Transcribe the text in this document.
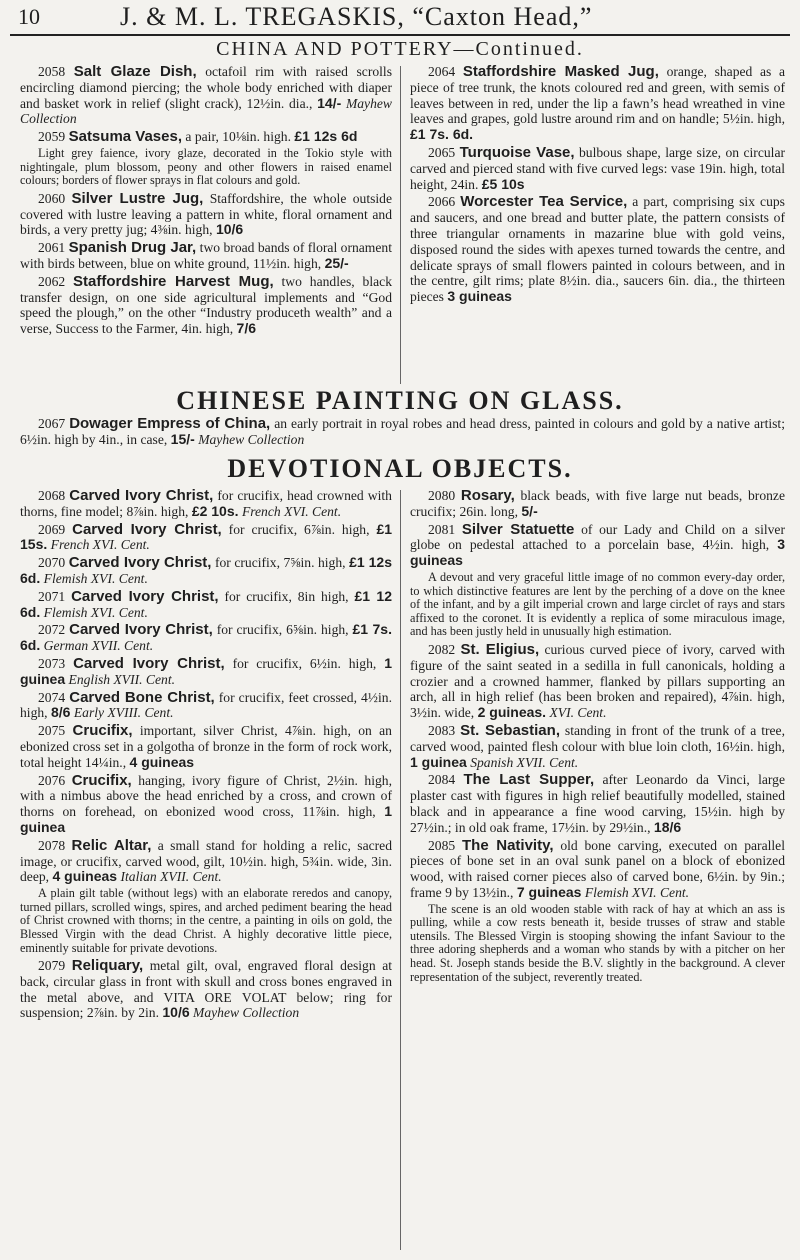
10	J. & M. L. TREGASKIS, “Caxton Head,”
CHINA AND POTTERY—Continued.

2058 Salt Glaze Dish, octafoil rim with raised scrolls encircling diamond piercing; the whole body enriched with diaper and basket work in relief (slight crack), 12½in. dia., 14/- Mayhew Collection

2059 Satsuma Vases, a pair, 10⅛in. high. £1 12s 6d

Light grey faience, ivory glaze, decorated in the Tokio style with nightingale, plum blossom, peony and other flowers in raised enamel colours; borders of flower sprays in flat colours and gold.

2060 Silver Lustre Jug, Staffordshire, the whole outside covered with lustre leaving a pattern in white, floral ornament and birds, a very pretty jug; 4⅜in. high, 10/6

2061 Spanish Drug Jar, two broad bands of floral ornament with birds between, blue on white ground, 11½in. high, 25/-

2062 Staffordshire Harvest Mug, two handles, black transfer design, on one side agricultural implements and “God speed the plough,” on the other “Industry produceth wealth” and a verse, Success to the Farmer, 4in. high, 7/6

2064 Staffordshire Masked Jug, orange, shaped as a piece of tree trunk, the knots coloured red and green, with semis of leaves between in red, under the lip a fawn’s head wreathed in vine leaves and grapes, gold lustre around rim and on handle; 5½in. high, £1 7s. 6d.

2065 Turquoise Vase, bulbous shape, large size, on circular carved and pierced stand with five curved legs: vase 19in. high, total height, 24in. £5 10s

2066 Worcester Tea Service, a part, comprising six cups and saucers, and one bread and butter plate, the pattern consists of three triangular ornaments in mazarine blue with gold veins, disposed round the sides with apexes turned towards the centre, and delicate sprays of small flowers painted in colours between, and in the centre, gilt rims; plate 8½in. dia., saucers 6in. dia., the thirteen pieces 3 guineas

CHINESE PAINTING ON GLASS.

2067 Dowager Empress of China, an early portrait in royal robes and head dress, painted in colours and gold by a native artist; 6½in. high by 4in., in case, 15/- Mayhew Collection

DEVOTIONAL OBJECTS.

2068 Carved Ivory Christ, for crucifix, head crowned with thorns, fine model; 8⅞in. high, £2 10s. French XVI. Cent.

2069 Carved Ivory Christ, for crucifix, 6⅞in. high, £1 15s. French XVI. Cent.

2070 Carved Ivory Christ, for crucifix, 7⅝in. high, £1 12s 6d. Flemish XVI. Cent.

2071 Carved Ivory Christ, for crucifix, 8in high, £1 12 6d. Flemish XVI. Cent.

2072 Carved Ivory Christ, for crucifix, 6⅝in. high, £1 7s. 6d. German XVII. Cent.

2073 Carved Ivory Christ, for crucifix, 6½in. high, 1 guinea English XVII. Cent.

2074 Carved Bone Christ, for crucifix, feet crossed, 4½in. high, 8/6 Early XVIII. Cent.

2075 Crucifix, important, silver Christ, 4⅞in. high, on an ebonized cross set in a golgotha of bronze in the form of rock work, total height 14¼in., 4 guineas

2076 Crucifix, hanging, ivory figure of Christ, 2½in. high, with a nimbus above the head enriched by a cross, and crown of thorns on forehead, on ebonized wood cross, 11⅞in. high, 1 guinea

2078 Relic Altar, a small stand for holding a relic, sacred image, or crucifix, carved wood, gilt, 10½in. high, 5¾in. wide, 3in. deep, 4 guineas Italian XVII. Cent.

A plain gilt table (without legs) with an elaborate reredos and canopy, turned pillars, scrolled wings, spires, and arched pediment bearing the head of Christ crowned with thorns; in the centre, a painting in oils on gold, the Blessed Virgin with the dead Christ. A highly decorative little piece, eminently suitable for private devotions.

2079 Reliquary, metal gilt, oval, engraved floral design at back, circular glass in front with skull and cross bones engraved in the metal above, and VITA ORE VOLAT below; ring for suspension; 2⅞in. by 2in. 10/6 Mayhew Collection

2080 Rosary, black beads, with five large nut beads, bronze crucifix; 26in. long, 5/-

2081 Silver Statuette of our Lady and Child on a silver globe on pedestal attached to a porcelain base, 4½in. high, 3 guineas

A devout and very graceful little image of no common every-day order, to which distinctive features are lent by the perching of a dove on the knee of the infant, and by a gilt imperial crown and large circlet of rays and stars affixed to the coronet. It is evidently a replica of some miraculous image, and has been justly held in unusually high estimation.

2082 St. Eligius, curious curved piece of ivory, carved with figure of the saint seated in a sedilla in full canonicals, holding a crozier and a crowned hammer, flanked by pillars supporting an arch, all in high relief (has been broken and repaired), 4⅞in. high, 3½in. wide, 2 guineas. XVI. Cent.

2083 St. Sebastian, standing in front of the trunk of a tree, carved wood, painted flesh colour with blue loin cloth, 16½in. high, 1 guinea Spanish XVII. Cent.

2084 The Last Supper, after Leonardo da Vinci, large plaster cast with figures in high relief beautifully modelled, stained black and in appearance a fine wood carving, 15½in. high by 27½in.; in old oak frame, 17½in. by 29½in., 18/6

2085 The Nativity, old bone carving, executed on parallel pieces of bone set in an oval sunk panel on a block of ebonized wood, with raised corner pieces also of carved bone, 6½in. by 9in.; frame 9 by 13½in., 7 guineas Flemish XVI. Cent.

The scene is an old wooden stable with rack of hay at which an ass is pulling, while a cow rests beneath it, beside trusses of straw and stable utensils. The Blessed Virgin is stooping showing the infant Saviour to the three adoring shepherds and a woman who stands by with a pitcher on her head. St. Joseph stands beside the B.V. slightly in the background. A clever representation of the subject, reverently treated.
